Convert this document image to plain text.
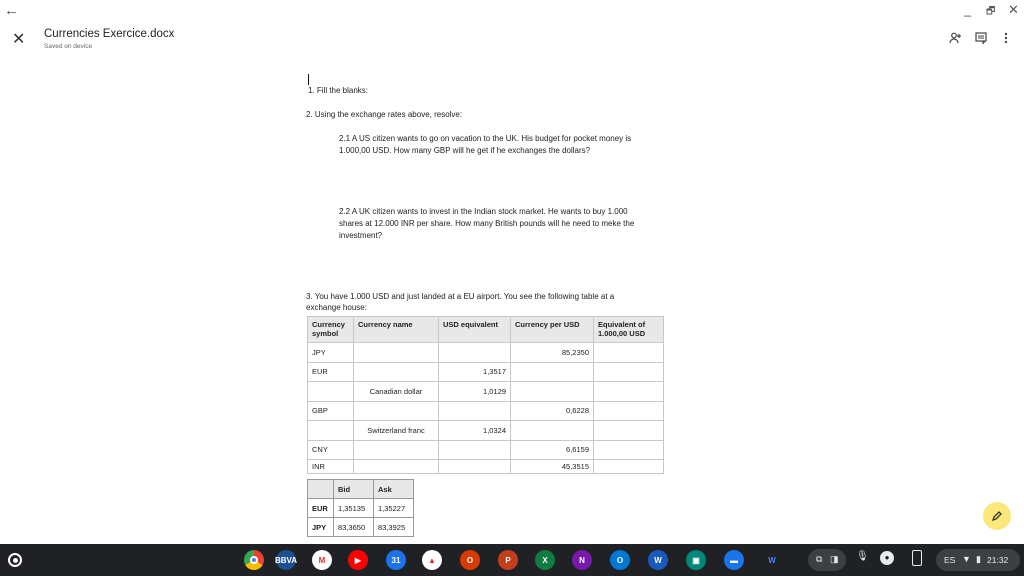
←	_ 🗗 ✕
✕ Currencies Exercice.docx
Saved on device
1. Fill the blanks:
2. Using the exchange rates above, resolve:
2.1 A US citizen wants to go on vacation to the UK. His budget for pocket money is
1.000,00 USD. How many GBP will he get if he exchanges the dollars?
2.2 A UK citizen wants to invest in the Indian stock market. He wants to buy 1.000
shares at 12.000 INR per share. How many British pounds will he need to meke the
investment?
3. You have 1.000 USD and just landed at a EU airport. You see the following table at a
exchange house:
Currency symbol	Currency name	USD equivalent	Currency per USD	Equivalent of 1.000,00 USD
JPY			85,2350	
EUR		1,3517		
	Canadian dollar	1,0129		
GBP			0,6228	
	Switzerland franc	1,0324		
CNY			6,6159	
INR			45,3515	
	Bid	Ask
EUR	1,35135	1,35227
JPY	83,3650	83,3925
BBVA	M	▶	31	▲	O	P	X	N	O	W	▣	▬	W	⧉ ◨ 🎙	●	ES ▼ ▮ 21:32
